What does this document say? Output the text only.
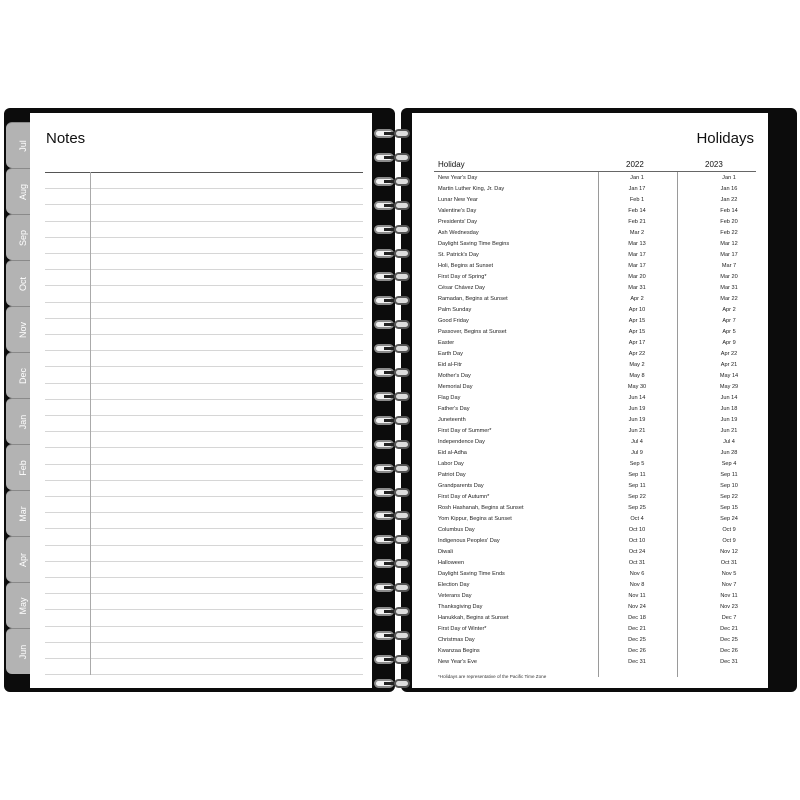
Jul
Aug
Sep
Oct
Nov
Dec
Jan
Feb
Mar
Apr
May
Jun
Notes	Holidays
Holiday	2022	2023
New Year's Day	Jan 1	Jan 1
Martin Luther King, Jr. Day	Jan 17	Jan 16
Lunar New Year	Feb 1	Jan 22
Valentine's Day	Feb 14	Feb 14
Presidents' Day	Feb 21	Feb 20
Ash Wednesday	Mar 2	Feb 22
Daylight Saving Time Begins	Mar 13	Mar 12
St. Patrick's Day	Mar 17	Mar 17
Holi, Begins at Sunset	Mar 17	Mar 7
First Day of Spring*	Mar 20	Mar 20
César Chávez Day	Mar 31	Mar 31
Ramadan, Begins at Sunset	Apr 2	Mar 22
Palm Sunday	Apr 10	Apr 2
Good Friday	Apr 15	Apr 7
Passover, Begins at Sunset	Apr 15	Apr 5
Easter	Apr 17	Apr 9
Earth Day	Apr 22	Apr 22
Eid al-Fitr	May 2	Apr 21
Mother's Day	May 8	May 14
Memorial Day	May 30	May 29
Flag Day	Jun 14	Jun 14
Father's Day	Jun 19	Jun 18
Juneteenth	Jun 19	Jun 19
First Day of Summer*	Jun 21	Jun 21
Independence Day	Jul 4	Jul 4
Eid al-Adha	Jul 9	Jun 28
Labor Day	Sep 5	Sep 4
Patriot Day	Sep 11	Sep 11
Grandparents Day	Sep 11	Sep 10
First Day of Autumn*	Sep 22	Sep 22
Rosh Hashanah, Begins at Sunset	Sep 25	Sep 15
Yom Kippur, Begins at Sunset	Oct 4	Sep 24
Columbus Day	Oct 10	Oct 9
Indigenous Peoples' Day	Oct 10	Oct 9
Diwali	Oct 24	Nov 12
Halloween	Oct 31	Oct 31
Daylight Saving Time Ends	Nov 6	Nov 5
Election Day	Nov 8	Nov 7
Veterans Day	Nov 11	Nov 11
Thanksgiving Day	Nov 24	Nov 23
Hanukkah, Begins at Sunset	Dec 18	Dec 7
First Day of Winter*	Dec 21	Dec 21
Christmas Day	Dec 25	Dec 25
Kwanzaa Begins	Dec 26	Dec 26
New Year's Eve	Dec 31	Dec 31
*Holidays are representative of the Pacific Time Zone
